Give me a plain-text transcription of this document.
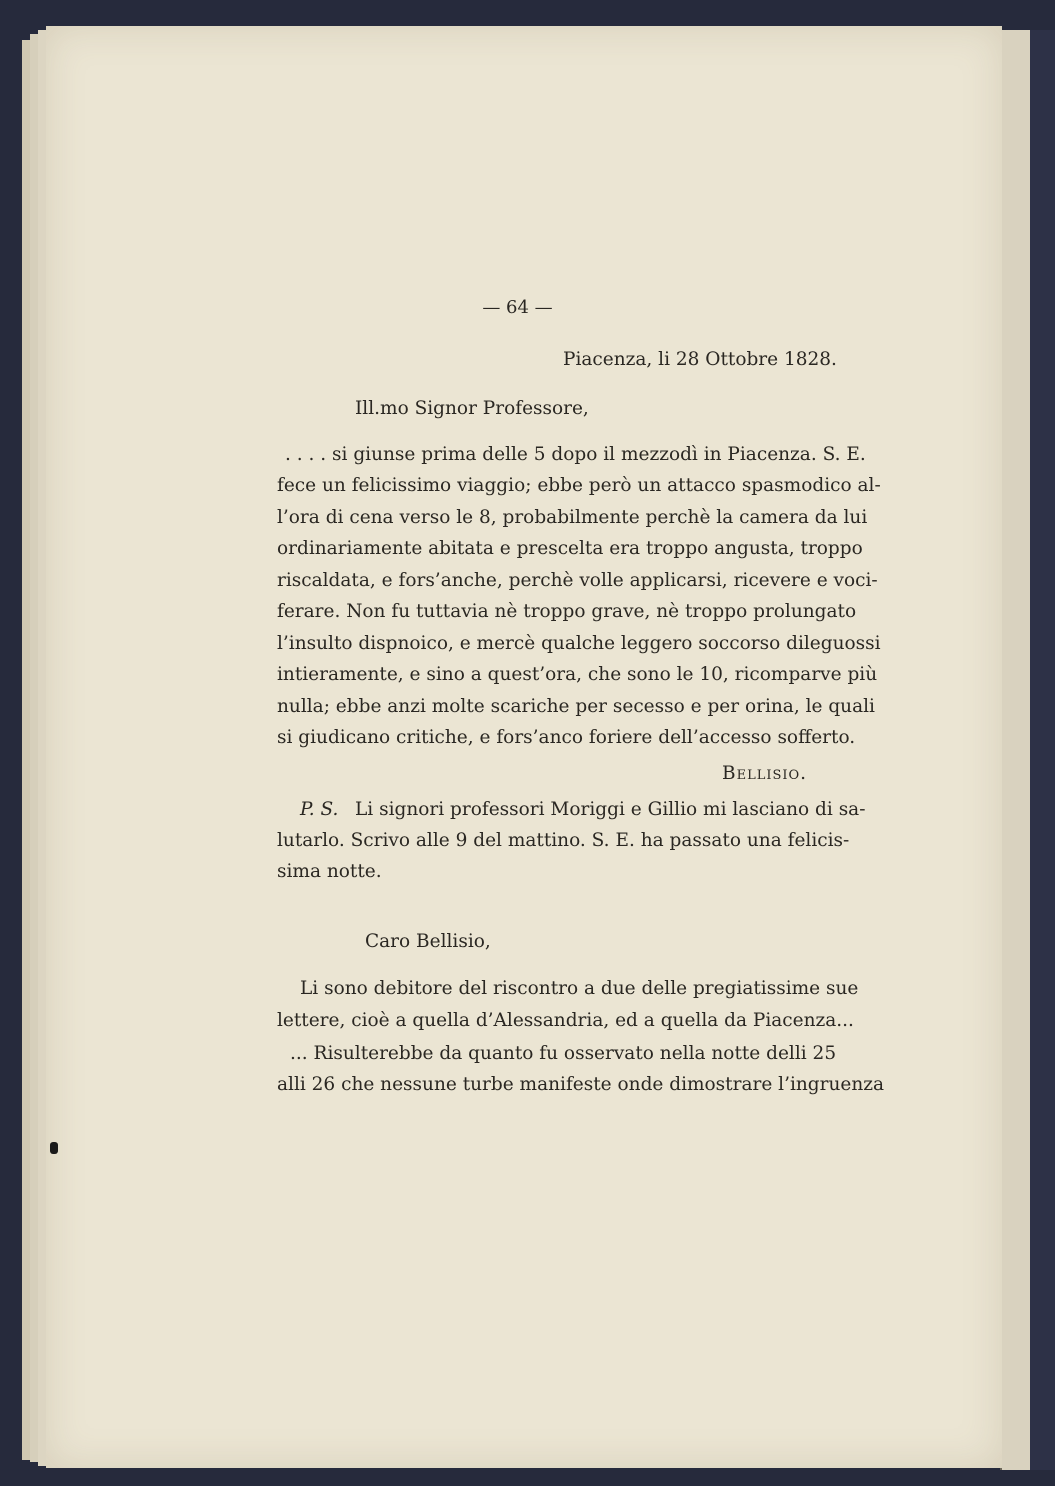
— 64 —
Piacenza, li 28 Ottobre 1828.
Ill.mo Signor Professore,
. . . . si giunse prima delle 5 dopo il mezzodì in Piacenza. S. E.
fece un felicissimo viaggio; ebbe però un attacco spasmodico al-
l’ora di cena verso le 8, probabilmente perchè la camera da lui
ordinariamente abitata e prescelta era troppo angusta, troppo
riscaldata, e fors’anche, perchè volle applicarsi, ricevere e voci-
ferare. Non fu tuttavia nè troppo grave, nè troppo prolungato
l’insulto dispnoico, e mercè qualche leggero soccorso dileguossi
intieramente, e sino a quest’ora, che sono le 10, ricomparve più
nulla; ebbe anzi molte scariche per secesso e per orina, le quali
si giudicano critiche, e fors’anco foriere dell’accesso sofferto.
Bellisio.
P. S. Li signori professori Moriggi e Gillio mi lasciano di sa-
lutarlo. Scrivo alle 9 del mattino. S. E. ha passato una felicis-
sima notte.
Caro Bellisio,
Li sono debitore del riscontro a due delle pregiatissime sue
lettere, cioè a quella d’Alessandria, ed a quella da Piacenza...
... Risulterebbe da quanto fu osservato nella notte delli 25
alli 26 che nessune turbe manifeste onde dimostrare l’ingruenza
